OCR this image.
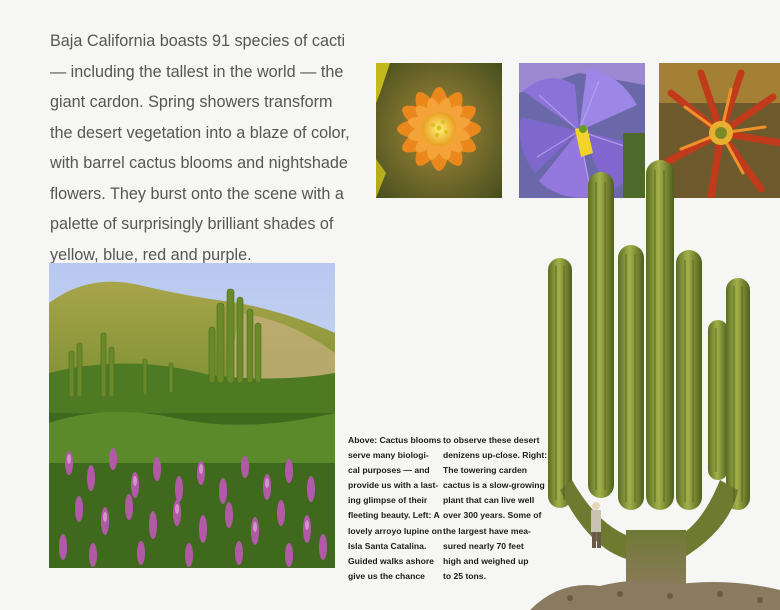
Baja California boasts 91 species of cacti
— including the tallest in the world — the
giant cardon. Spring showers transform
the desert vegetation into a blaze of color,
with barrel cactus blooms and nightshade
flowers. They burst onto the scene with a
palette of surprisingly brilliant shades of
yellow, blue, red and purple.

Above: Cactus blooms
serve many biologi-
cal purposes — and
provide us with a last-
ing glimpse of their
fleeting beauty. Left: A
lovely arroyo lupine on
Isla Santa Catalina.
Guided walks ashore
give us the chance

to observe these desert
denizens up-close. Right:
The towering carden
cactus is a slow-growing
plant that can live well
over 300 years. Some of
the largest have mea-
sured nearly 70 feet
high and weighed up
to 25 tons.
